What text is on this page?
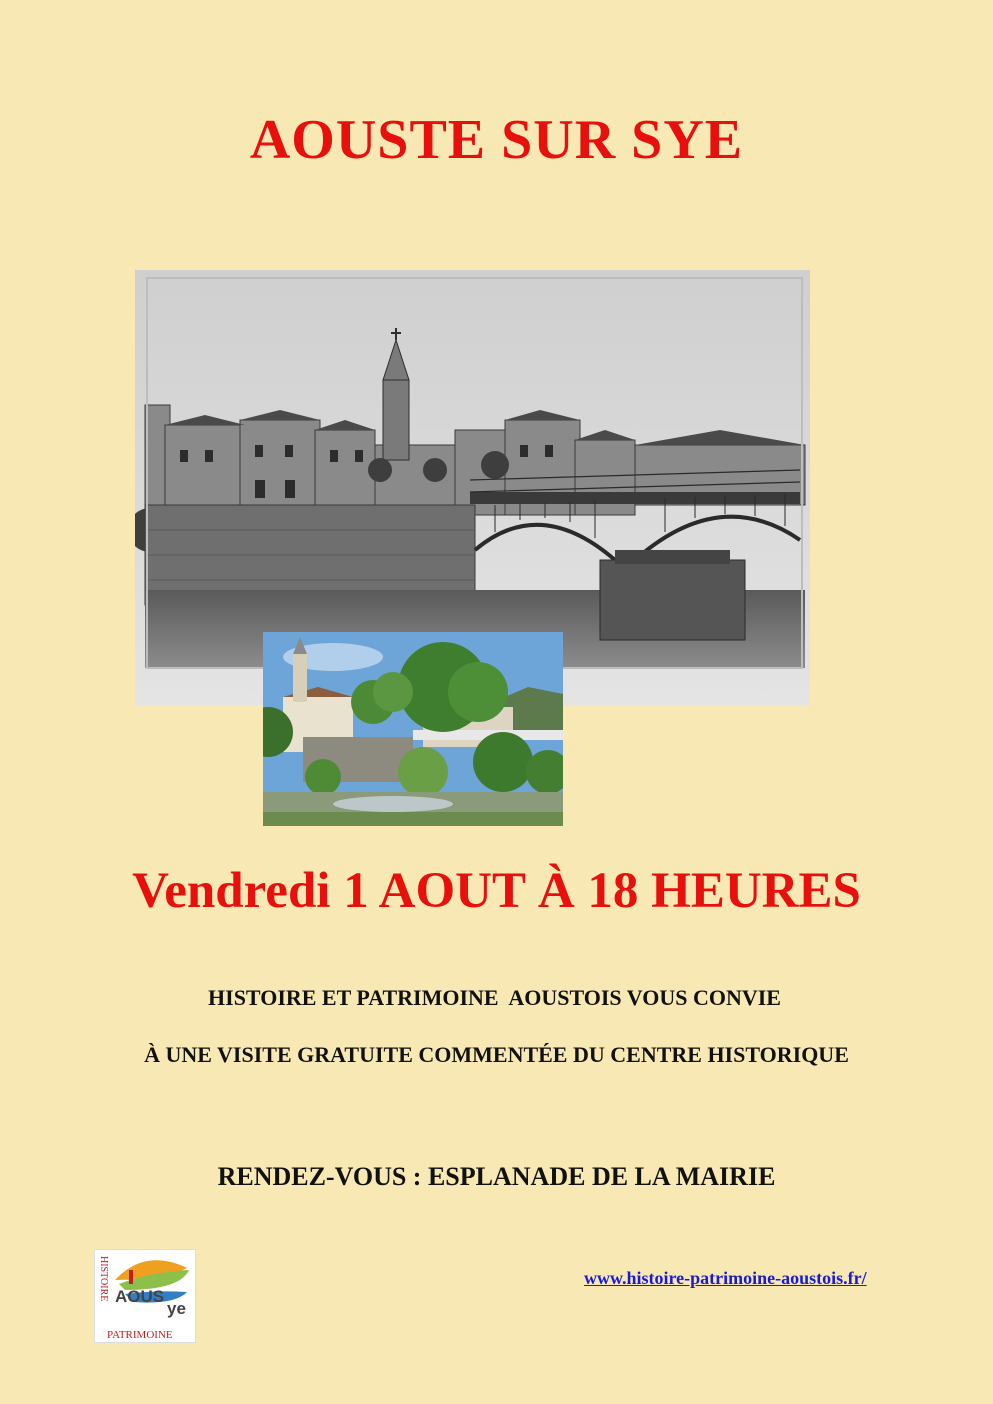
AOUSTE SUR SYE
Vendredi 1 AOUT À 18 HEURES
HISTOIRE ET PATRIMOINE  AOUSTOIS VOUS CONVIE
À UNE VISITE GRATUITE COMMENTÉE DU CENTRE HISTORIQUE
RENDEZ-VOUS : ESPLANADE DE LA MAIRIE
HISTOIRE AOUS
ye
PATRIMOINE
www.histoire-patrimoine-aoustois.fr/
